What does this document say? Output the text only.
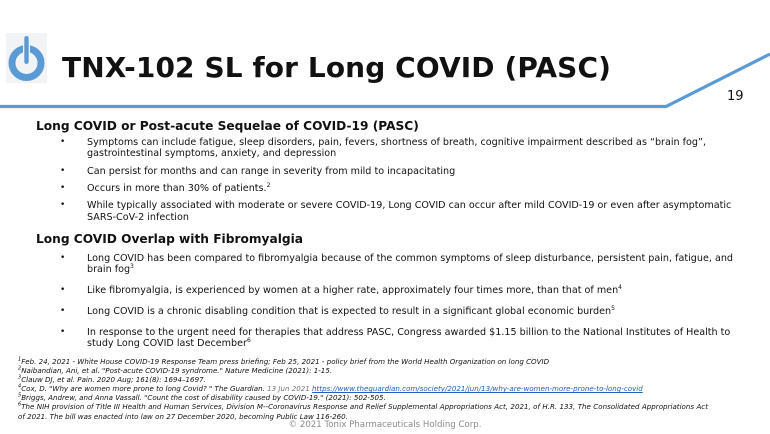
TNX-102 SL for Long COVID (PASC)
19
Long COVID or Post-acute Sequelae of COVID-19 (PASC)
• Symptoms can include fatigue, sleep disorders, pain, fevers, shortness of breath, cognitive impairment described as “brain fog”, gastrointestinal symptoms, anxiety, and depression
• Can persist for months and can range in severity from mild to incapacitating
• Occurs in more than 30% of patients.$^2$
• While typically associated with moderate or severe COVID-19, Long COVID can occur after mild COVID-19 or even after asymptomatic SARS-CoV-2 infection
Long COVID Overlap with Fibromyalgia
• Long COVID has been compared to fibromyalgia because of the common symptoms of sleep disturbance, persistent pain, fatigue, and brain fog$^3$
• Like fibromyalgia, is experienced by women at a higher rate, approximately four times more, than that of men$^4$
• Long COVID is a chronic disabling condition that is expected to result in a significant global economic burden$^5$
• In response to the urgent need for therapies that address PASC, Congress awarded $1.15 billion to the National Institutes of Health to study Long COVID last December$^6$
$^1$Feb. 24, 2021 - White House COVID-19 Response Team press briefing; Feb 25, 2021 - policy brief from the World Health Organization on long COVID
$^2$Naibandian, Ani, et al. "Post-acute COVID-19 syndrome." Nature Medicine (2021): 1-15.
$^3$Clauw DJ, et al. Pain. 2020 Aug; 161(8): 1694–1697.
$^4$Cox, D. "Why are women more prone to long Covid? " The Guardian. 13 Jun 2021 https://www.theguardian.com/society/2021/jun/13/why-are-women-more-prone-to-long-covid
$^5$Briggs, Andrew, and Anna Vassall. "Count the cost of disability caused by COVID-19." (2021): 502-505.
$^6$The NIH provision of Title III Health and Human Services, Division M--Coronavirus Response and Relief Supplemental Appropriations Act, 2021, of H.R. 133, The Consolidated Appropriations Act of 2021. The bill was enacted into law on 27 December 2020, becoming Public Law 116-260.
© 2021 Tonix Pharmaceuticals Holding Corp.
